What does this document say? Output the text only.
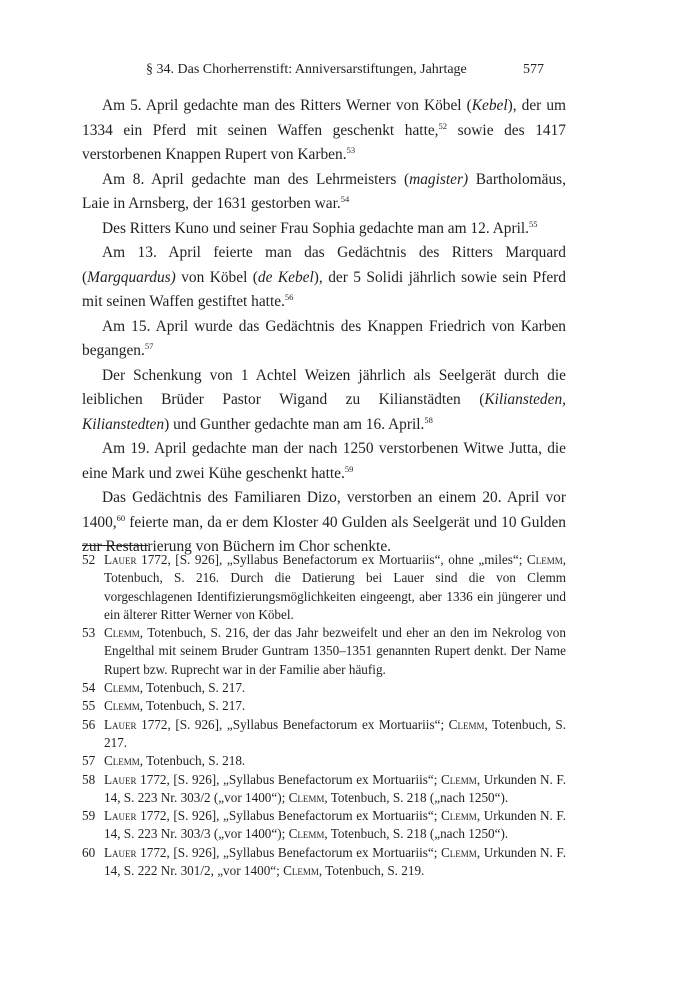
§ 34. Das Chorherrenstift: Anniversarstiftungen, Jahrtage	577

Am 5. April gedachte man des Ritters Werner von Köbel (Kebel), der um 1334 ein Pferd mit seinen Waffen geschenkt hatte,$^{52}$ sowie des 1417 verstorbenen Knappen Rupert von Karben.$^{53}$

Am 8. April gedachte man des Lehrmeisters (magister) Bartholomäus, Laie in Arnsberg, der 1631 gestorben war.$^{54}$

Des Ritters Kuno und seiner Frau Sophia gedachte man am 12. April.$^{55}$

Am 13. April feierte man das Gedächtnis des Ritters Marquard (Margquardus) von Köbel (de Kebel), der 5 Solidi jährlich sowie sein Pferd mit seinen Waffen gestiftet hatte.$^{56}$

Am 15. April wurde das Gedächtnis des Knappen Friedrich von Karben begangen.$^{57}$

Der Schenkung von 1 Achtel Weizen jährlich als Seelgerät durch die leiblichen Brüder Pastor Wigand zu Kilianstädten (Kiliansteden, Kilianstedten) und Gunther gedachte man am 16. April.$^{58}$

Am 19. April gedachte man der nach 1250 verstorbenen Witwe Jutta, die eine Mark und zwei Kühe geschenkt hatte.$^{59}$

Das Gedächtnis des Familiaren Dizo, verstorben an einem 20. April vor 1400,60 feierte man, da er dem Kloster 40 Gulden als Seelgerät und 10 Gulden zur Restaurierung von Büchern im Chor schenkte.

52 Lauer 1772, [S. 926], „Syllabus Benefactorum ex Mortuariis“, ohne „miles“; Clemm, Totenbuch, S. 216. Durch die Datierung bei Lauer sind die von Clemm vorgeschlagenen Identifizierungsmöglichkeiten eingeengt, aber 1336 ein jüngerer und ein älterer Ritter Werner von Köbel.
53 Clemm, Totenbuch, S. 216, der das Jahr bezweifelt und eher an den im Nekrolog von Engelthal mit seinem Bruder Guntram 1350–1351 genannten Rupert denkt. Der Name Rupert bzw. Ruprecht war in der Familie aber häufig.
54 Clemm, Totenbuch, S. 217.
55 Clemm, Totenbuch, S. 217.
56 Lauer 1772, [S. 926], „Syllabus Benefactorum ex Mortuariis“; Clemm, Totenbuch, S. 217.
57 Clemm, Totenbuch, S. 218.
58 Lauer 1772, [S. 926], „Syllabus Benefactorum ex Mortuariis“; Clemm, Urkunden N. F. 14, S. 223 Nr. 303/2 („vor 1400“); Clemm, Totenbuch, S. 218 („nach 1250“).
59 Lauer 1772, [S. 926], „Syllabus Benefactorum ex Mortuariis“; Clemm, Urkunden N. F. 14, S. 223 Nr. 303/3 („vor 1400“); Clemm, Totenbuch, S. 218 („nach 1250“).
60 Lauer 1772, [S. 926], „Syllabus Benefactorum ex Mortuariis“; Clemm, Urkunden N. F. 14, S. 222 Nr. 301/2, „vor 1400“; Clemm, Totenbuch, S. 219.
